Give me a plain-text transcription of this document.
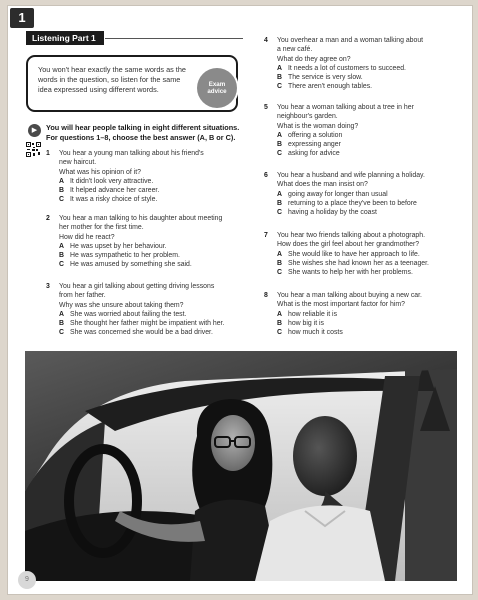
1
Listening Part 1
You won't hear exactly the same words as the words in the question, so listen for the same idea expressed using different words.
Exam advice
▶	You will hear people talking in eight different situations.
For questions 1–8, choose the best answer (A, B or C).
1 You hear a young man talking about his friend's
new haircut.
What was his opinion of it?
A It didn't look very attractive.
B It helped advance her career.
C It was a risky choice of style.
2 You hear a man talking to his daughter about meeting
her mother for the first time.
How did he react?
A He was upset by her behaviour.
B He was sympathetic to her problem.
C He was amused by something she said.
3 You hear a girl talking about getting driving lessons
from her father.
Why was she unsure about taking them?
A She was worried about failing the test.
B She thought her father might be impatient with her.
C She was concerned she would be a bad driver.
4 You overhear a man and a woman talking about
a new café.
What do they agree on?
A It needs a lot of customers to succeed.
B The service is very slow.
C There aren't enough tables.
5 You hear a woman talking about a tree in her
neighbour's garden.
What is the woman doing?
A offering a solution
B expressing anger
C asking for advice
6 You hear a husband and wife planning a holiday.
What does the man insist on?
A going away for longer than usual
B returning to a place they've been to before
C having a holiday by the coast
7 You hear two friends talking about a photograph.
How does the girl feel about her grandmother?
A She would like to have her approach to life.
B She wishes she had known her as a teenager.
C She wants to help her with her problems.
8 You hear a man talking about buying a new car.
What is the most important factor for him?
A how reliable it is
B how big it is
C how much it costs
9
